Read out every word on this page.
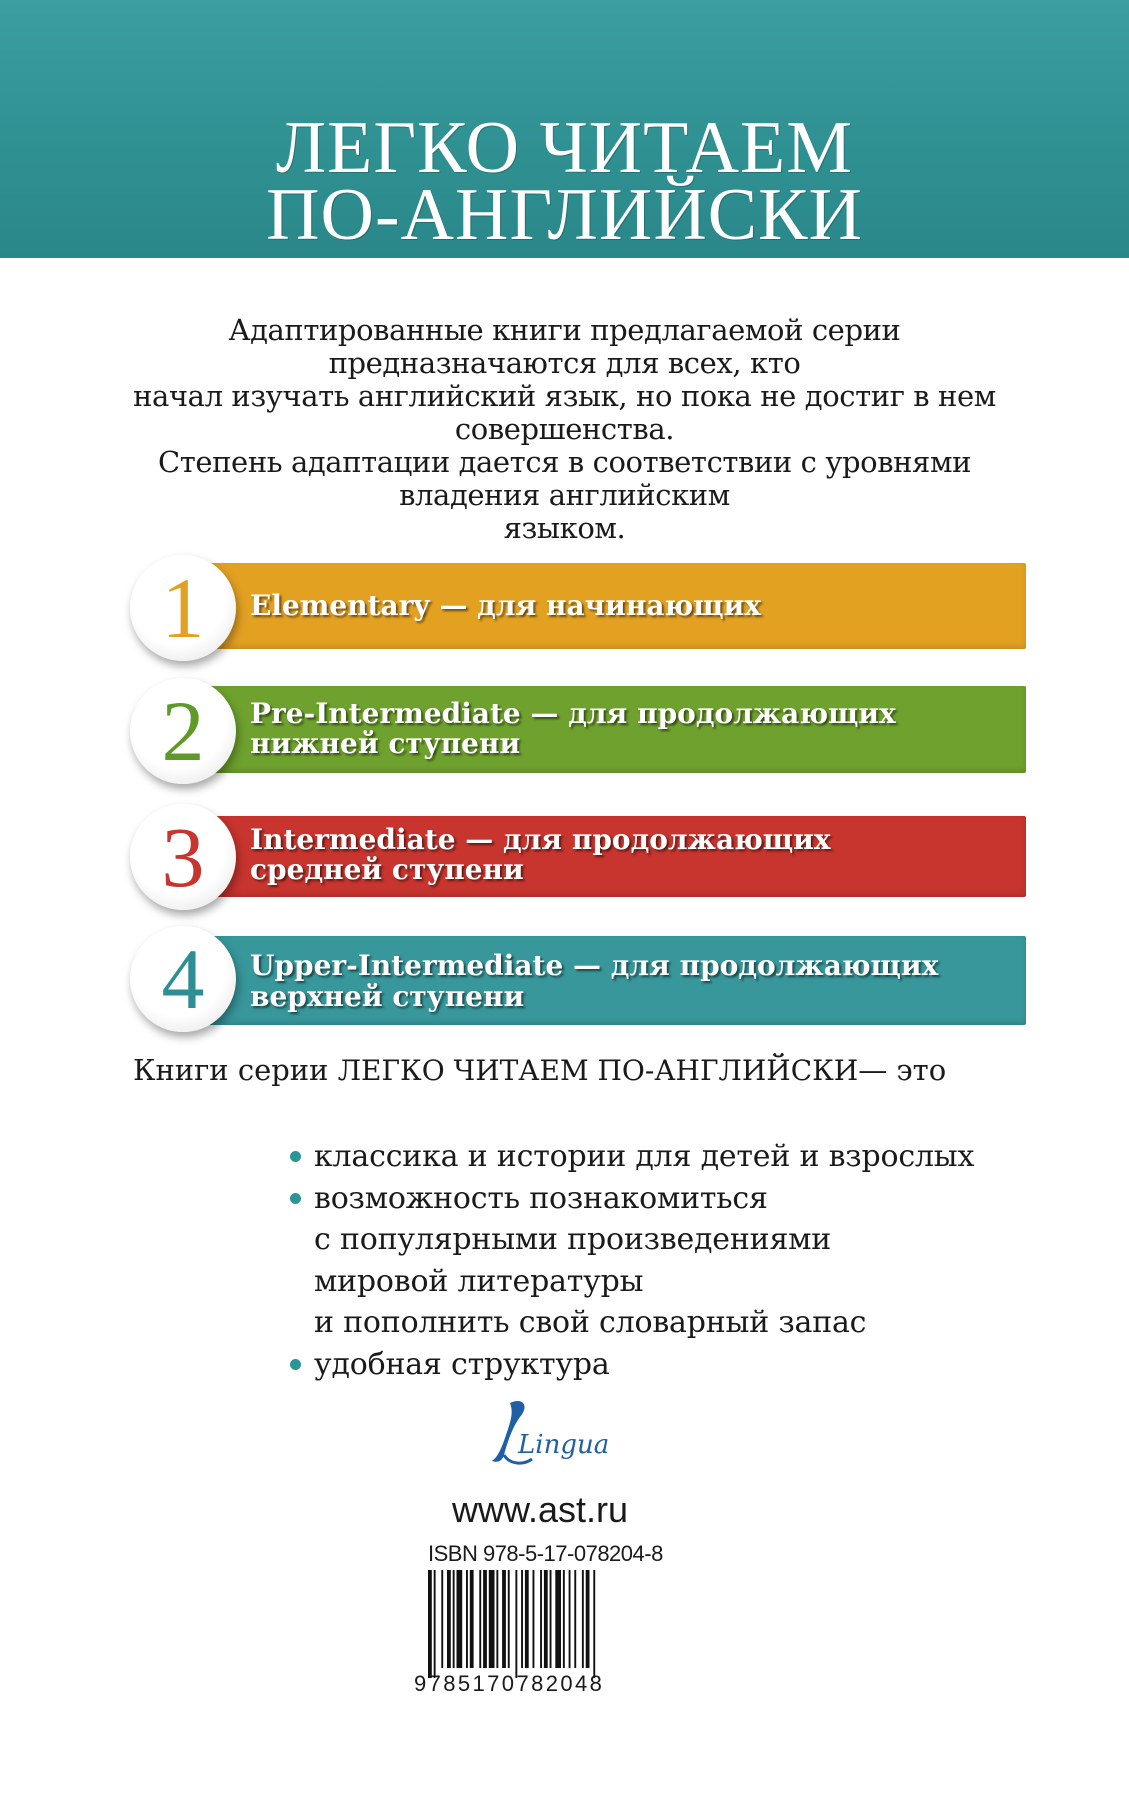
ЛЕГКО ЧИТАЕМ
ПО-АНГЛИЙСКИ
Адаптированные книги предлагаемой серии
предназначаются для всех, кто
начал изучать английский язык, но пока не достиг в нем
совершенства.
Степень адаптации дается в соответствии с уровнями
владения английским
языком.
Elementary — для начинающих
1
Pre-Intermediate — для продолжающих
нижней ступени
2
Intermediate — для продолжающих
средней ступени
3
Upper-Intermediate — для продолжающих
верхней ступени
4
Книги серии ЛЕГКО ЧИТАЕМ ПО-АНГЛИЙСКИ— это
классика и истории для детей и взрослых
возможность познакомиться
с популярными произведениями
мировой литературы
и пополнить свой словарный запас
удобная структура
Lingua
www.ast.ru
ISBN 978-5-17-078204-8
9785170782048
